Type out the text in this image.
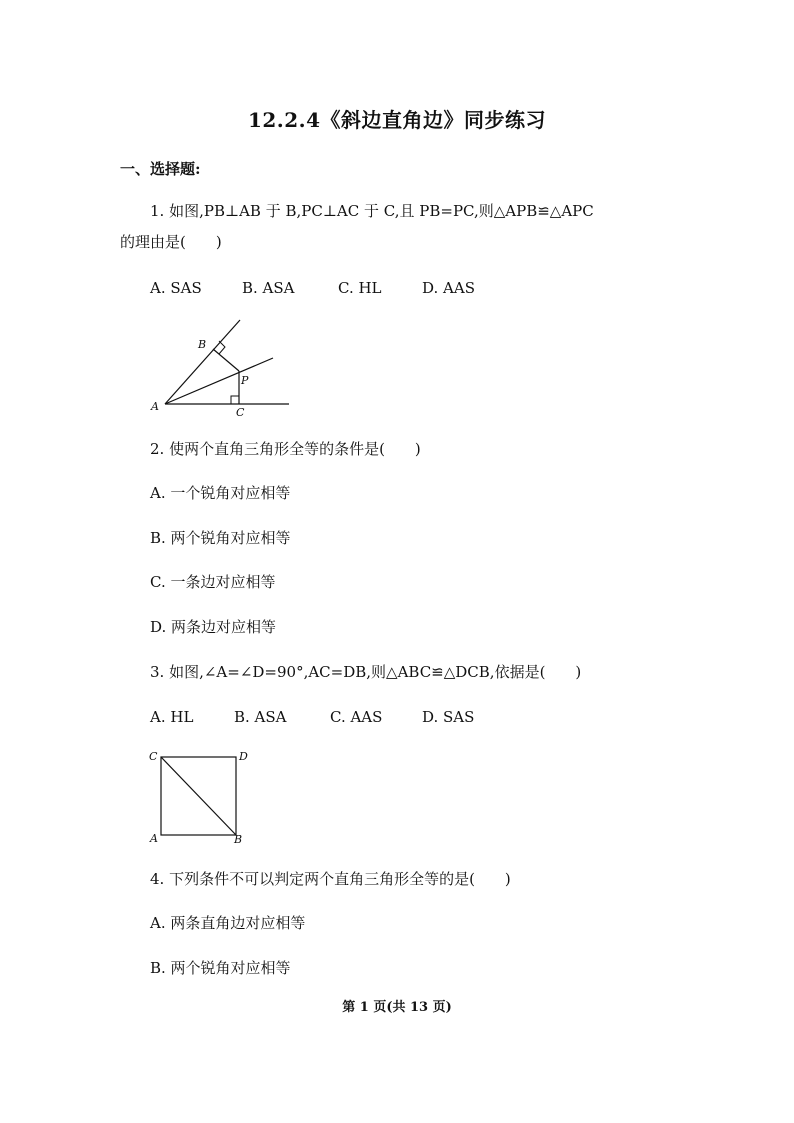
12.2.4《斜边直角边》同步练习
一、选择题:
1. 如图,PB⊥AB 于 B,PC⊥AC 于 C,且 PB=PC,则△APB≌△APC
的理由是(　　)
A. SAS	B. ASA	C. HL	D. AAS
A
B
P
C
2. 使两个直角三角形全等的条件是(　　)
A. 一个锐角对应相等
B. 两个锐角对应相等
C. 一条边对应相等
D. 两条边对应相等
3. 如图,∠A=∠D=90°,AC=DB,则△ABC≌△DCB,依据是(　　)
A. HL	B. ASA	C. AAS	D. SAS
C	D
A	B
4. 下列条件不可以判定两个直角三角形全等的是(　　)
A. 两条直角边对应相等
B. 两个锐角对应相等
第 1 页(共 13 页)
